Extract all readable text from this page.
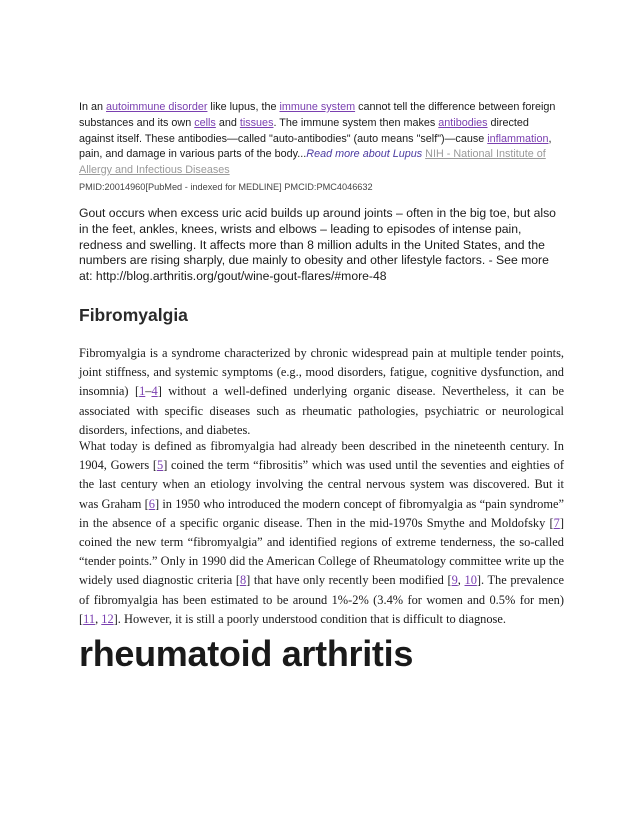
In an autoimmune disorder like lupus, the immune system cannot tell the difference between foreign substances and its own cells and tissues. The immune system then makes antibodies directed against itself. These antibodies—called "auto-antibodies" (auto means "self")—cause inflammation, pain, and damage in various parts of the body...Read more about Lupus NIH - National Institute of Allergy and Infectious Diseases

PMID:20014960[PubMed - indexed for MEDLINE] PMCID:PMC4046632

Gout occurs when excess uric acid builds up around joints – often in the big toe, but also in the feet, ankles, knees, wrists and elbows – leading to episodes of intense pain, redness and swelling. It affects more than 8 million adults in the United States, and the numbers are rising sharply, due mainly to obesity and other lifestyle factors. - See more at: http://blog.arthritis.org/gout/wine-gout-flares/#more-48

Fibromyalgia

Fibromyalgia is a syndrome characterized by chronic widespread pain at multiple tender points, joint stiffness, and systemic symptoms (e.g., mood disorders, fatigue, cognitive dysfunction, and insomnia) [1–4] without a well-defined underlying organic disease. Nevertheless, it can be associated with specific diseases such as rheumatic pathologies, psychiatric or neurological disorders, infections, and diabetes.

What today is defined as fibromyalgia had already been described in the nineteenth century. In 1904, Gowers [5] coined the term “fibrositis” which was used until the seventies and eighties of the last century when an etiology involving the central nervous system was discovered. But it was Graham [6] in 1950 who introduced the modern concept of fibromyalgia as “pain syndrome” in the absence of a specific organic disease. Then in the mid-1970s Smythe and Moldofsky [7] coined the new term “fibromyalgia” and identified regions of extreme tenderness, the so-called “tender points.” Only in 1990 did the American College of Rheumatology committee write up the widely used diagnostic criteria [8] that have only recently been modified [9, 10]. The prevalence of fibromyalgia has been estimated to be around 1%-2% (3.4% for women and 0.5% for men) [11, 12]. However, it is still a poorly understood condition that is difficult to diagnose.

rheumatoid arthritis
